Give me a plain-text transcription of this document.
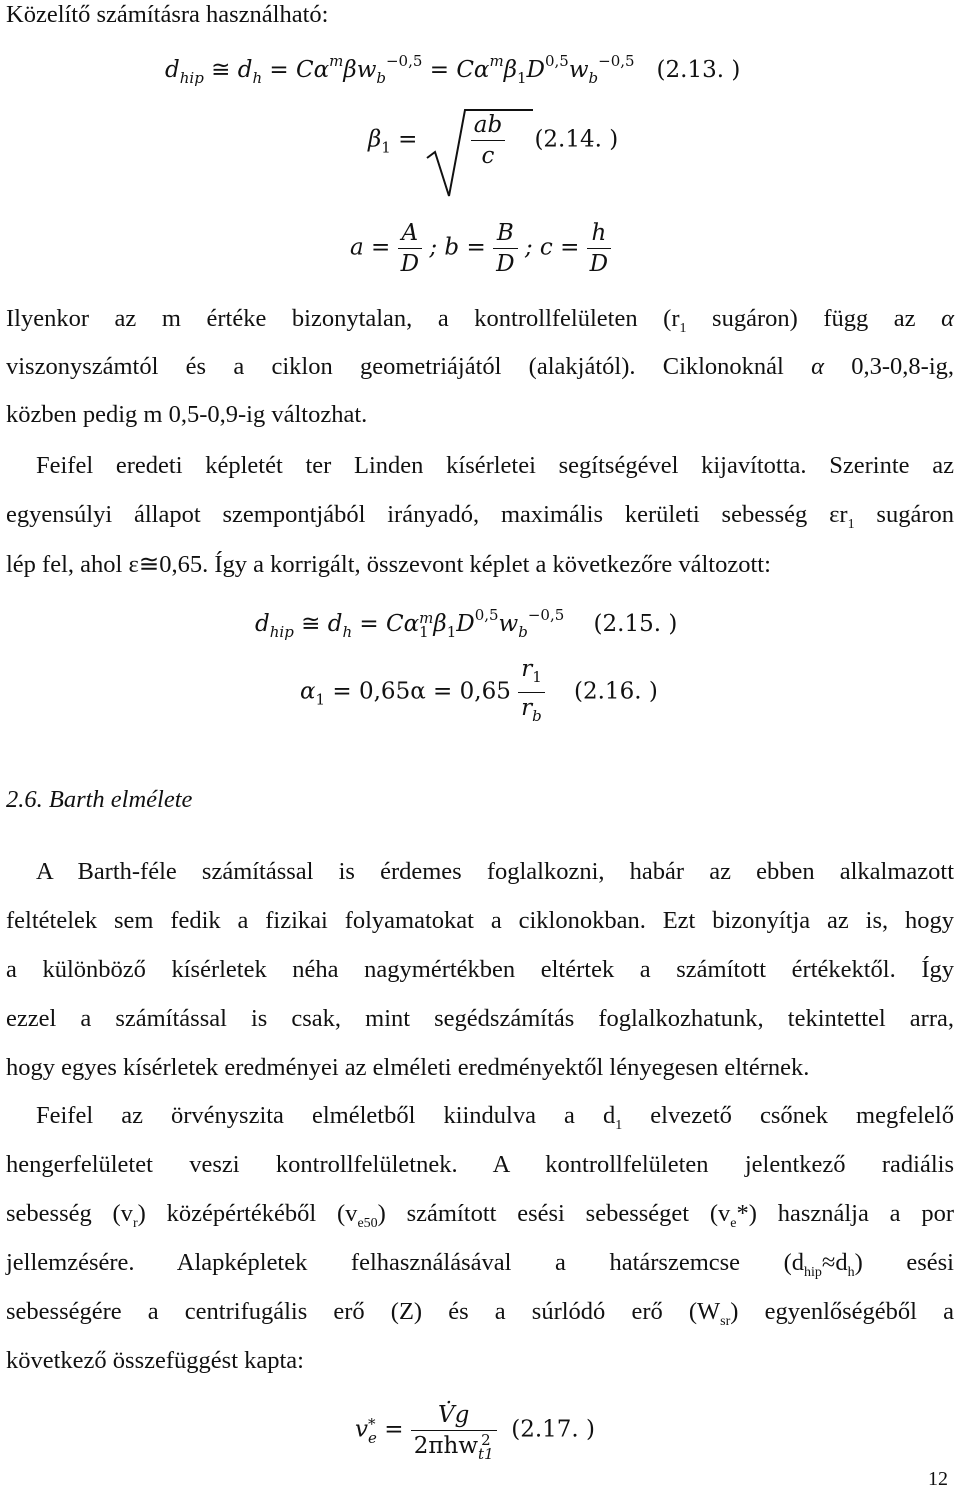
Közelítő számításra használható:
$d_{hip}$ ≅ $d_h = C\alpha^m\beta w_b^{-0,5} = C\alpha^m\beta_1D^{0,5}w_b^{-0,5}$ (2.13. )
$\beta_1 = \frac{ab}{c} (2.14$. )
$a = \frac{A}{D}$ ; $b = \frac{B}{D}$ ; $c = \frac{h}{D}$
Ilyenkor az m értéke bizonytalan, a kontrollfelületen ($r_1$ sugáron) függ az α
viszonyszámtól és a ciklon geometriájától (alakjától). Ciklonoknál α 0,3-0,8-ig,
közben pedig m 0,5-0,9-ig változhat.
Feifel eredeti képletét ter Linden kísérletei segítségével kijavította. Szerinte az
egyensúlyi állapot szempontjából irányadó, maximális kerületi sebesség $\varepsilon r_1$ sugáron
lép fel, ahol ε≅0,65. Így a korrigált, összevont képlet a következőre változott:
$d_{hip}$ ≅ $d_h = C\alpha$ m
1 $\beta_1D^{0,5}w_b^{-0,5}$ (2.15. )
$\alpha_1 = 0,65\alpha = 0,65 \frac{r_1}{r_b} (2.16$. )
2.6. Barth elmélete
A Barth-féle számítással is érdemes foglalkozni, habár az ebben alkalmazott
feltételek sem fedik a fizikai folyamatokat a ciklonokban. Ezt bizonyítja az is, hogy
a különböző kísérletek néha nagymértékben eltértek a számított értékektől. Így
ezzel a számítással is csak, mint segédszámítás foglalkozhatunk, tekintettel arra,
hogy egyes kísérletek eredményei az elméleti eredményektől lényegesen eltérnek.
Feifel az örvényszita elméletből kiindulva a $d_1$ elvezető csőnek megfelelő
hengerfelületet veszi kontrollfelületnek. A kontrollfelületen jelentkező radiális
sebesség $(v_r)$ középértékéből $(v_{e50})$ számított esési sebességet $(v_e*)$ használja a por
jellemzésére. Alapképletek felhasználásával a határszemcse $(d_{hip}\approx d_h)$ esési
sebességére a centrifugális erő (Z) és a súrlódó erő $(W_{sr})$ egyenlőségéből a
következő összefüggést kapta:
v *
e = V̇g
2πhw 2
t1 (2.17. )
12
